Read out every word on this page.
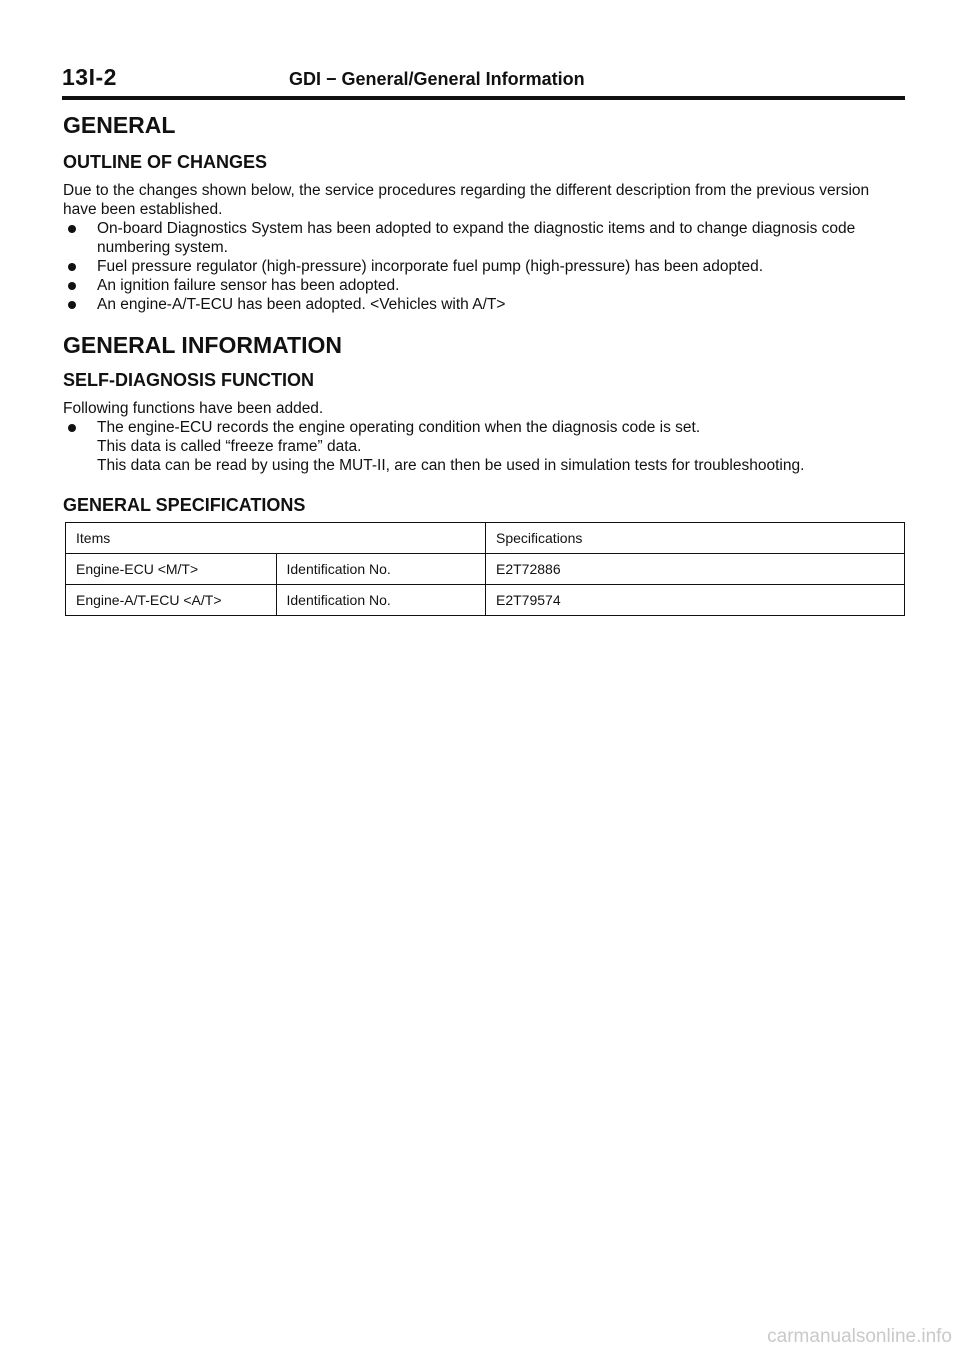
13I-2	GDI − General/General Information
GENERAL
OUTLINE OF CHANGES

Due to the changes shown below, the service procedures regarding the different description from the previous version have been established.

On-board Diagnostics System has been adopted to expand the diagnostic items and to change diagnosis code numbering system.
Fuel pressure regulator (high-pressure) incorporate fuel pump (high-pressure) has been adopted.
An ignition failure sensor has been adopted.
An engine-A/T-ECU has been adopted. <Vehicles with A/T>
GENERAL INFORMATION
SELF-DIAGNOSIS FUNCTION

Following functions have been added.

The engine-ECU records the engine operating condition when the diagnosis code is set.
This data is called “freeze frame” data.
This data can be read by using the MUT-II, are can then be used in simulation tests for troubleshooting.
GENERAL SPECIFICATIONS
Items		Specifications
Engine-ECU <M/T>	Identification No.	E2T72886
Engine-A/T-ECU <A/T>	Identification No.	E2T79574
carmanualsonline.info
